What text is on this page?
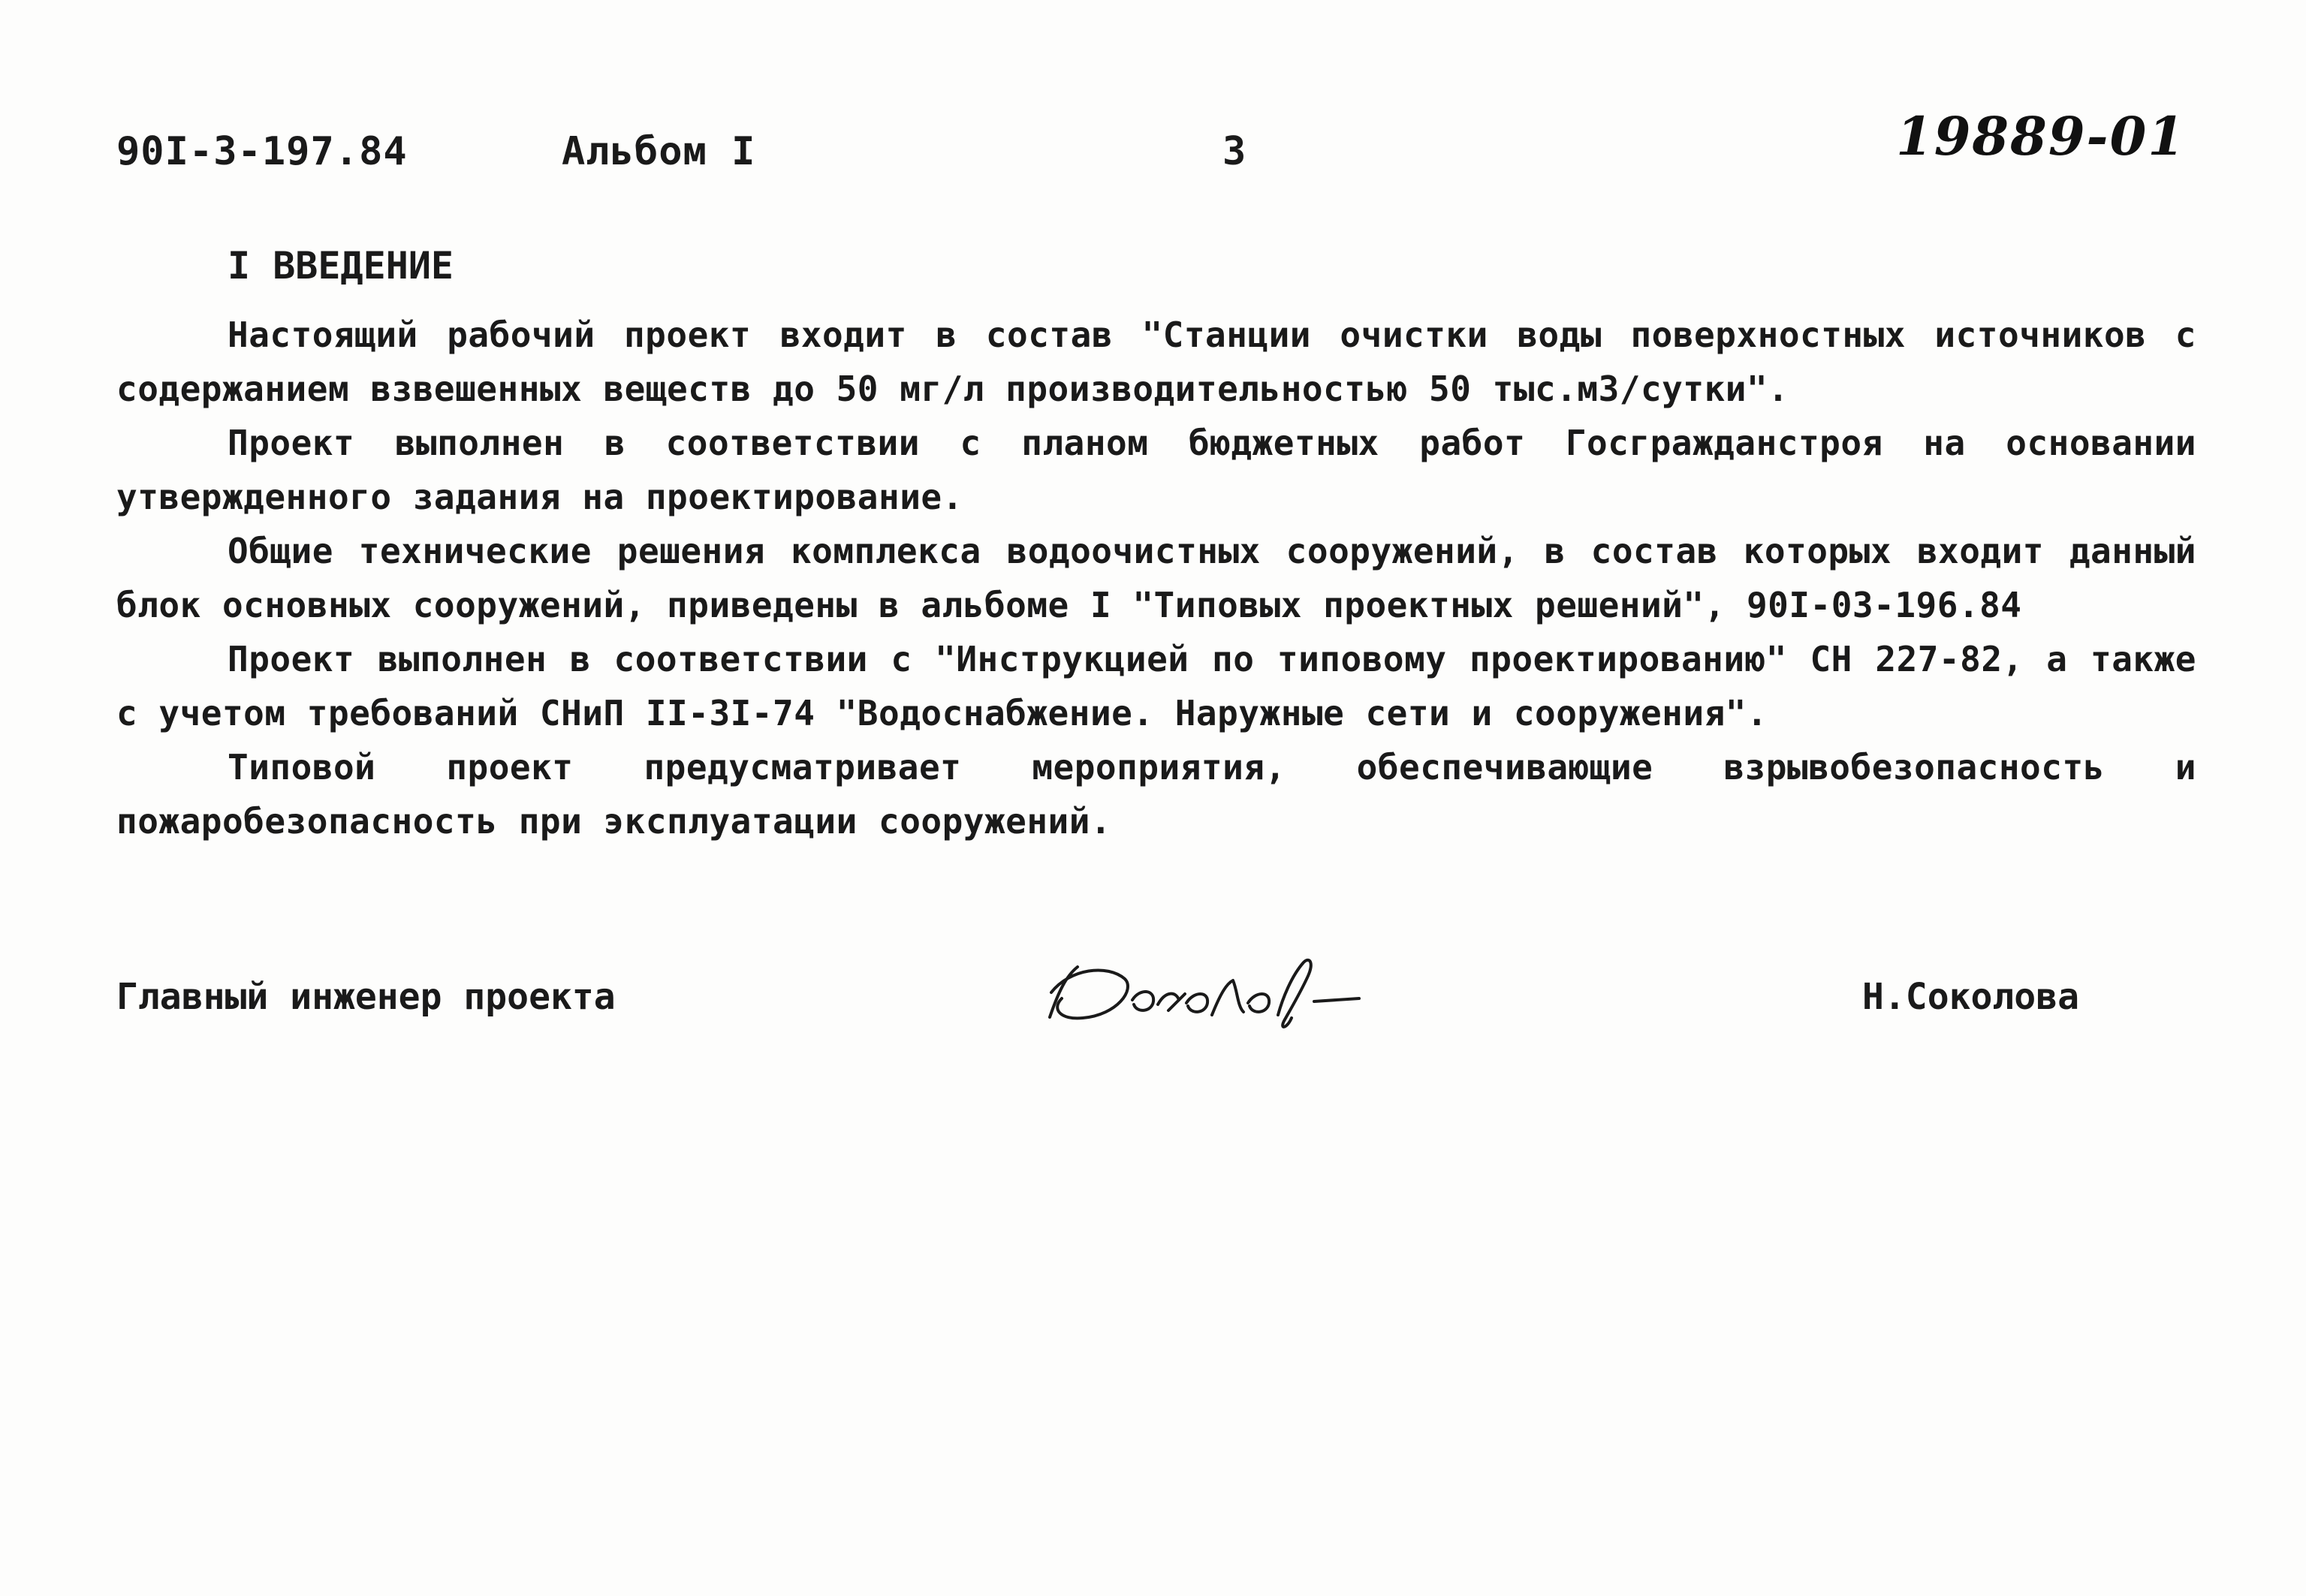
90I-3-197.84	Альбом I	3	19889-01
I ВВЕДЕНИЕ

Настоящий рабочий проект входит в состав "Станции очистки воды поверхностных источников с содержанием взвешенных веществ до 50 мг/л производительностью 50 тыс.м3/сутки".

Проект выполнен в соответствии с планом бюджетных работ Госгражданстроя на основании утвержденного задания на проектирование.

Общие технические решения комплекса водоочистных сооружений, в состав которых входит данный блок основных сооружений, приведены в альбоме I "Типовых проектных решений", 90I-03-196.84

Проект выполнен в соответствии с "Инструкцией по типовому проектированию" СН 227-82, а также с учетом требований СНиП II-3I-74 "Водоснабжение. Наружные сети и сооружения".

Типовой проект предусматривает мероприятия, обеспечивающие взрывобезопасность и пожаробезопасность при эксплуатации сооружений.

Главный инженер проекта	Н.Соколова
